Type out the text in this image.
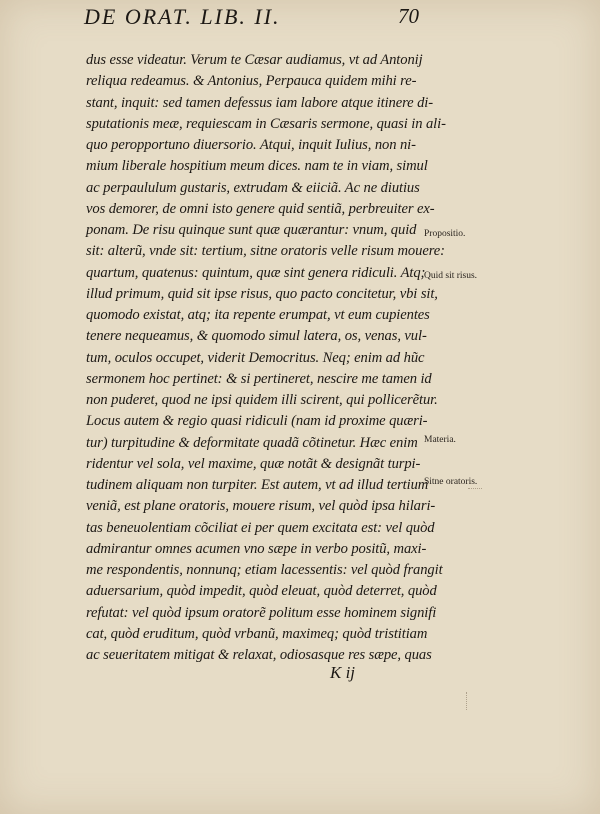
DE ORAT. LIB. II.	70
dus esse videatur. Verum te Cæsar audiamus, vt ad Antonij
reliqua redeamus. & Antonius, Perpauca quidem mihi re-
stant, inquit: sed tamen defessus iam labore atque itinere di-
sputationis meæ, requiescam in Cæsaris sermone, quasi in ali-
quo peropportuno diuersorio. Atqui, inquit Iulius, non ni-
mium liberale hospitium meum dices. nam te in viam, simul
ac perpaululum gustaris, extrudam & eiiciã. Ac ne diutius
vos demorer, de omni isto genere quid sentiã, perbreuiter ex-
ponam. De risu quinque sunt quæ quærantur: vnum, quid
sit: alterũ, vnde sit: tertium, sitne oratoris velle risum mouere:
quartum, quatenus: quintum, quæ sint genera ridiculi. Atq;
illud primum, quid sit ipse risus, quo pacto concitetur, vbi sit,
quomodo existat, atq; ita repente erumpat, vt eum cupientes
tenere nequeamus, & quomodo simul latera, os, venas, vul-
tum, oculos occupet, viderit Democritus. Neq; enim ad hũc
sermonem hoc pertinet: & si pertineret, nescire me tamen id
non puderet, quod ne ipsi quidem illi scirent, qui pollicerẽtur.
Locus autem & regio quasi ridiculi (nam id proxime quæri-
tur) turpitudine & deformitate quadã cõtinetur. Hæc enim
ridentur vel sola, vel maxime, quæ notãt & designãt turpi-
tudinem aliquam non turpiter. Est autem, vt ad illud tertium
veniã, est plane oratoris, mouere risum, vel quòd ipsa hilari-
tas beneuolentiam cõciliat ei per quem excitata est: vel quòd
admirantur omnes acumen vno sæpe in verbo positũ, maxi-
me respondentis, nonnunq; etiam lacessentis: vel quòd frangit
aduersarium, quòd impedit, quòd eleuat, quòd deterret, quòd
refutat: vel quòd ipsum oratorẽ politum esse hominem signifi
cat, quòd eruditum, quòd vrbanũ, maximeq; quòd tristitiam
ac seueritatem mitigat & relaxat, odiosasque res sæpe, quas
Propositio.
Quid sit risus.
Materia.
Sitne oratoris.
K ij
